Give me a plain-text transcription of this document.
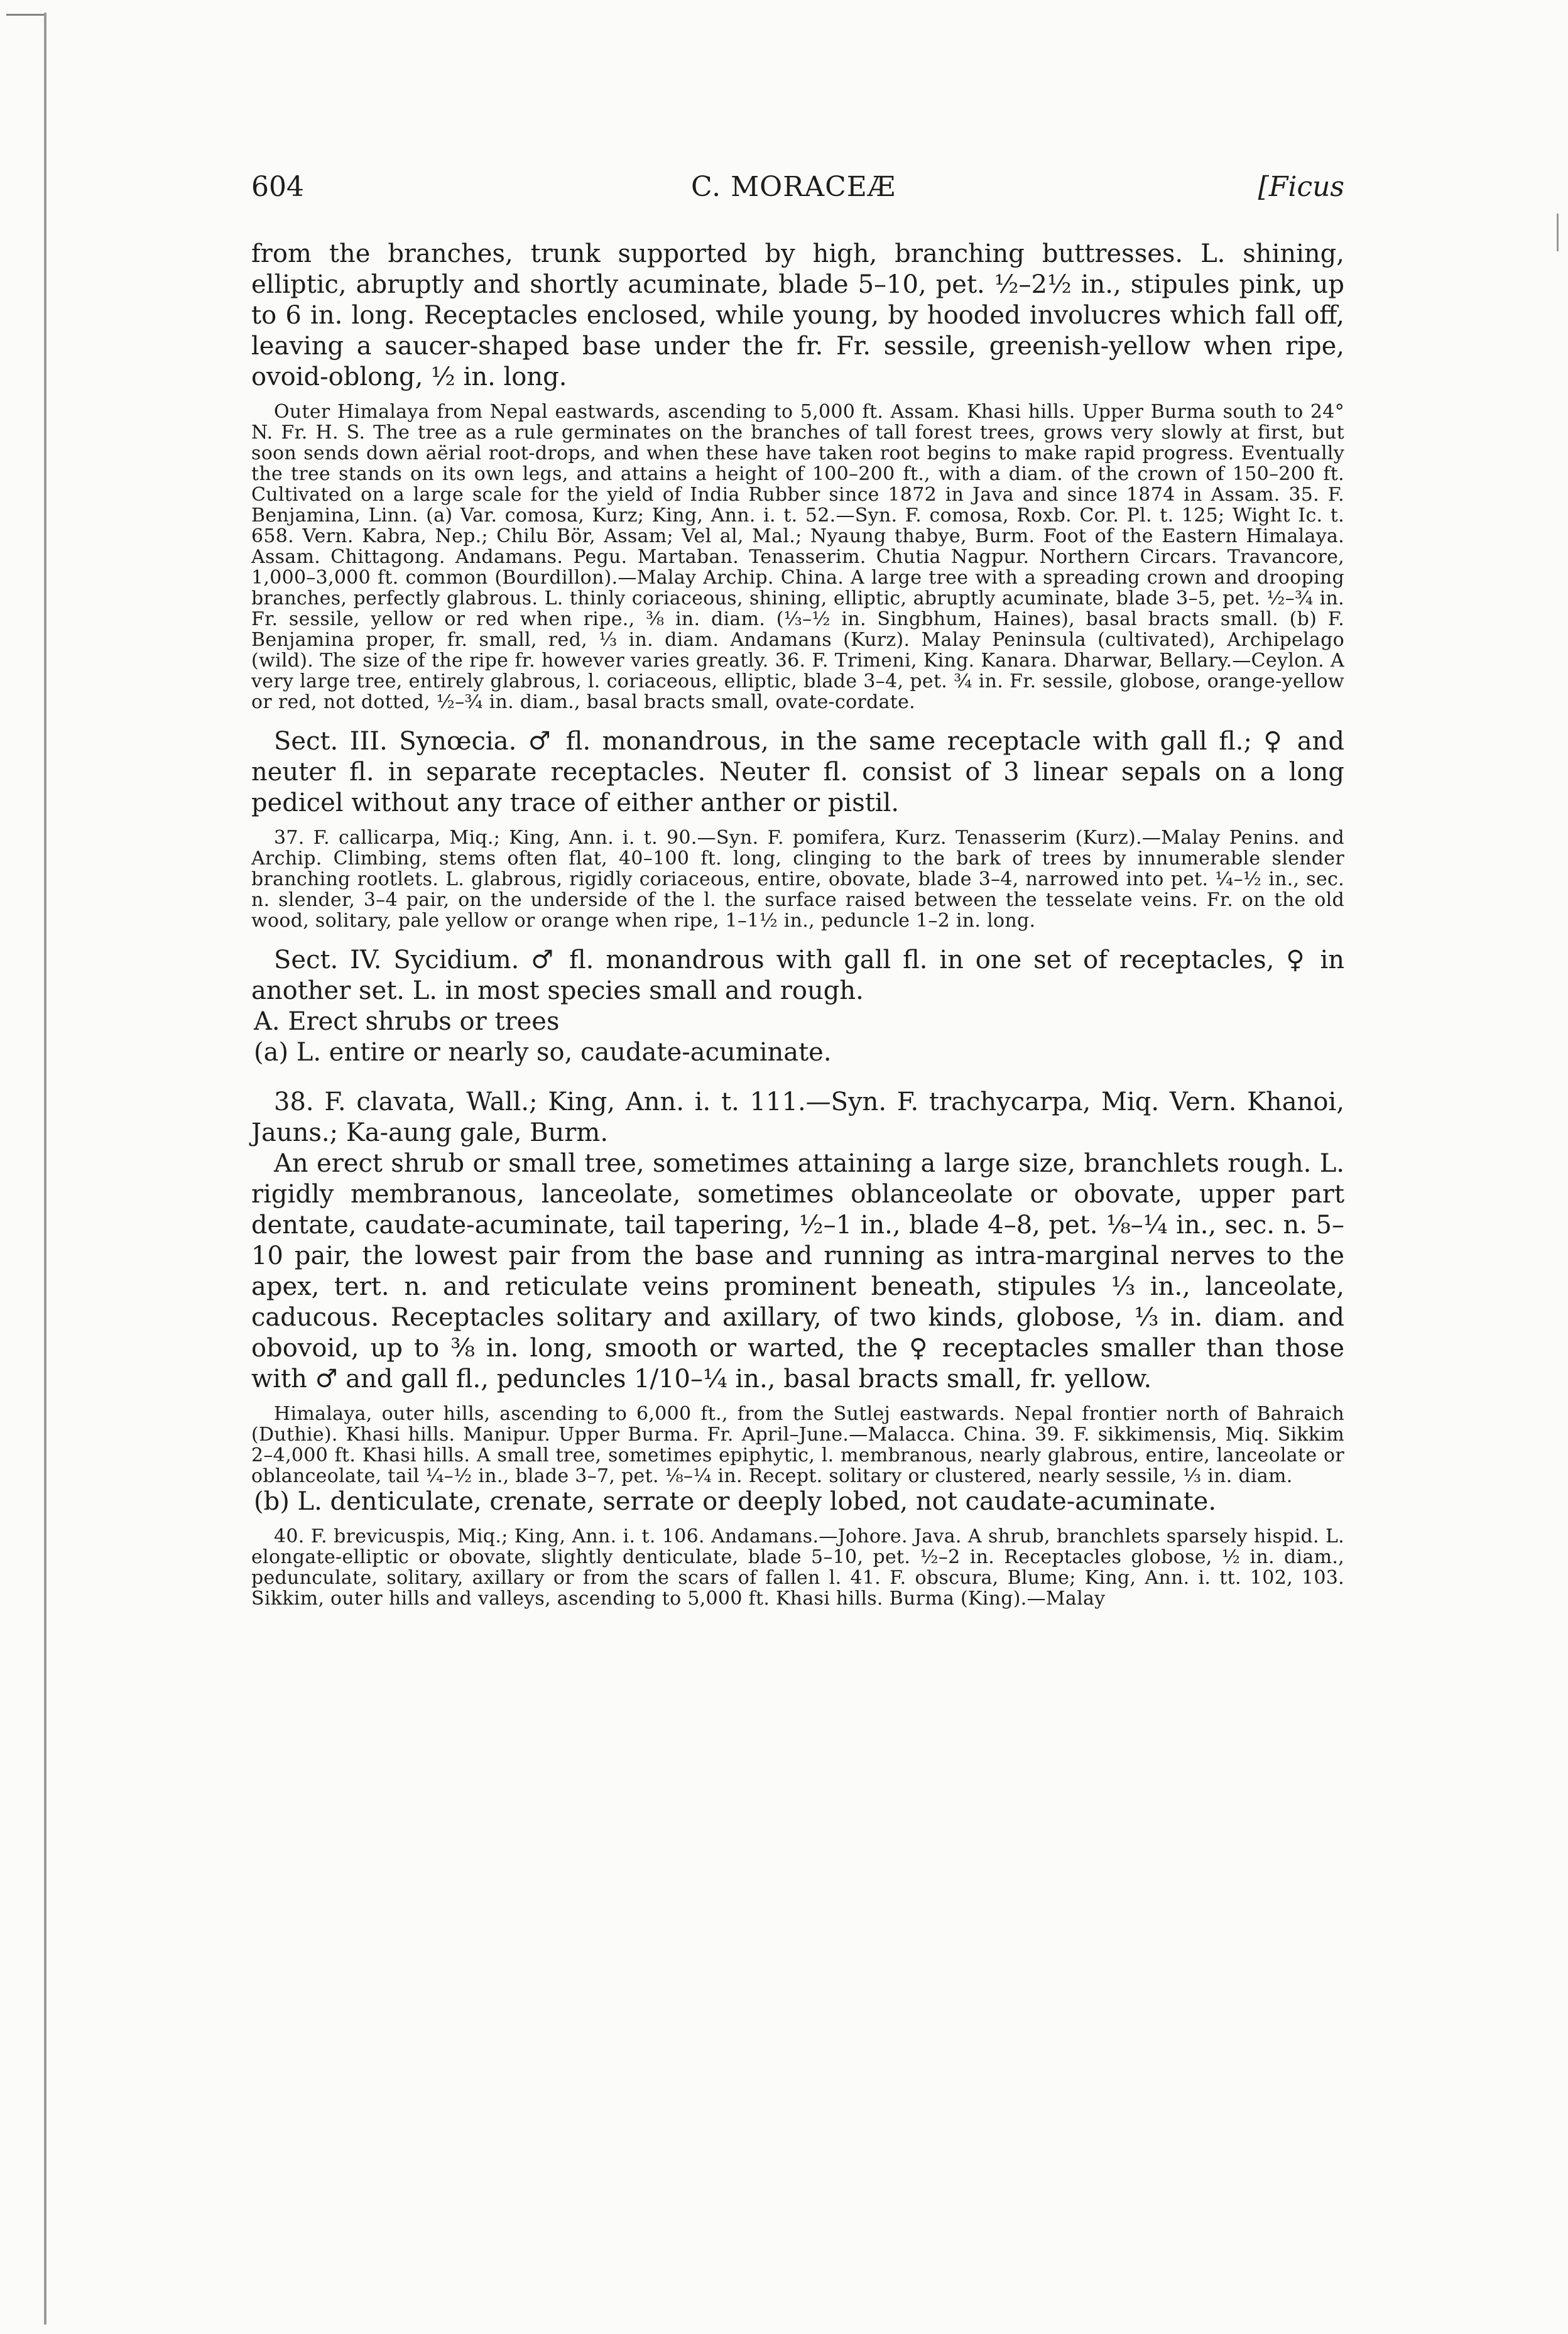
604	C. MORACEÆ	[Ficus

from the branches, trunk supported by high, branching buttresses. L. shining, elliptic, abruptly and shortly acuminate, blade 5–10, pet. ½–2½ in., stipules pink, up to 6 in. long. Receptacles enclosed, while young, by hooded involucres which fall off, leaving a saucer-shaped base under the fr. Fr. sessile, greenish-yellow when ripe, ovoid-oblong, ½ in. long.

Outer Himalaya from Nepal eastwards, ascending to 5,000 ft. Assam. Khasi hills. Upper Burma south to 24° N. Fr. H. S. The tree as a rule germinates on the branches of tall forest trees, grows very slowly at first, but soon sends down aërial root-drops, and when these have taken root begins to make rapid progress. Eventually the tree stands on its own legs, and attains a height of 100–200 ft., with a diam. of the crown of 150–200 ft. Cultivated on a large scale for the yield of India Rubber since 1872 in Java and since 1874 in Assam. 35. F. Benjamina, Linn. (a) Var. comosa, Kurz; King, Ann. i. t. 52.—Syn. F. comosa, Roxb. Cor. Pl. t. 125; Wight Ic. t. 658. Vern. Kabra, Nep.; Chilu Bör, Assam; Vel al, Mal.; Nyaung thabye, Burm. Foot of the Eastern Himalaya. Assam. Chittagong. Andamans. Pegu. Martaban. Tenasserim. Chutia Nagpur. Northern Circars. Travancore, 1,000–3,000 ft. common (Bourdillon).—Malay Archip. China. A large tree with a spreading crown and drooping branches, perfectly glabrous. L. thinly coriaceous, shining, elliptic, abruptly acuminate, blade 3–5, pet. ½–¾ in. Fr. sessile, yellow or red when ripe., ⅜ in. diam. (⅓–½ in. Singbhum, Haines), basal bracts small. (b) F. Benjamina proper, fr. small, red, ⅓ in. diam. Andamans (Kurz). Malay Peninsula (cultivated), Archipelago (wild). The size of the ripe fr. however varies greatly. 36. F. Trimeni, King. Kanara. Dharwar, Bellary.—Ceylon. A very large tree, entirely glabrous, l. coriaceous, elliptic, blade 3–4, pet. ¾ in. Fr. sessile, globose, orange-yellow or red, not dotted, ½–¾ in. diam., basal bracts small, ovate-cordate.

Sect. III. Synœcia. ♂ fl. monandrous, in the same receptacle with gall fl.; ♀ and neuter fl. in separate receptacles. Neuter fl. consist of 3 linear sepals on a long pedicel without any trace of either anther or pistil.

37. F. callicarpa, Miq.; King, Ann. i. t. 90.—Syn. F. pomifera, Kurz. Tenasserim (Kurz).—Malay Penins. and Archip. Climbing, stems often flat, 40–100 ft. long, clinging to the bark of trees by innumerable slender branching rootlets. L. glabrous, rigidly coriaceous, entire, obovate, blade 3–4, narrowed into pet. ¼–½ in., sec. n. slender, 3–4 pair, on the underside of the l. the surface raised between the tesselate veins. Fr. on the old wood, solitary, pale yellow or orange when ripe, 1–1½ in., peduncle 1–2 in. long.

Sect. IV. Sycidium. ♂ fl. monandrous with gall fl. in one set of receptacles, ♀ in another set. L. in most species small and rough.

A. Erect shrubs or trees

(a) L. entire or nearly so, caudate-acuminate.

38. F. clavata, Wall.; King, Ann. i. t. 111.—Syn. F. trachycarpa, Miq. Vern. Khanoi, Jauns.; Ka-aung gale, Burm.

An erect shrub or small tree, sometimes attaining a large size, branchlets rough. L. rigidly membranous, lanceolate, sometimes oblanceolate or obovate, upper part dentate, caudate-acuminate, tail tapering, ½–1 in., blade 4–8, pet. ⅛–¼ in., sec. n. 5–10 pair, the lowest pair from the base and running as intra-marginal nerves to the apex, tert. n. and reticulate veins prominent beneath, stipules ⅓ in., lanceolate, caducous. Receptacles solitary and axillary, of two kinds, globose, ⅓ in. diam. and obovoid, up to ⅜ in. long, smooth or warted, the ♀ receptacles smaller than those with ♂ and gall fl., peduncles 1/10–¼ in., basal bracts small, fr. yellow.

Himalaya, outer hills, ascending to 6,000 ft., from the Sutlej eastwards. Nepal frontier north of Bahraich (Duthie). Khasi hills. Manipur. Upper Burma. Fr. April–June.—Malacca. China. 39. F. sikkimensis, Miq. Sikkim 2–4,000 ft. Khasi hills. A small tree, sometimes epiphytic, l. membranous, nearly glabrous, entire, lanceolate or oblanceolate, tail ¼–½ in., blade 3–7, pet. ⅛–¼ in. Recept. solitary or clustered, nearly sessile, ⅓ in. diam.

(b) L. denticulate, crenate, serrate or deeply lobed, not caudate-acuminate.

40. F. brevicuspis, Miq.; King, Ann. i. t. 106. Andamans.—Johore. Java. A shrub, branchlets sparsely hispid. L. elongate-elliptic or obovate, slightly denticulate, blade 5–10, pet. ½–2 in. Receptacles globose, ½ in. diam., pedunculate, solitary, axillary or from the scars of fallen l. 41. F. obscura, Blume; King, Ann. i. tt. 102, 103. Sikkim, outer hills and valleys, ascending to 5,000 ft. Khasi hills. Burma (King).—Malay
